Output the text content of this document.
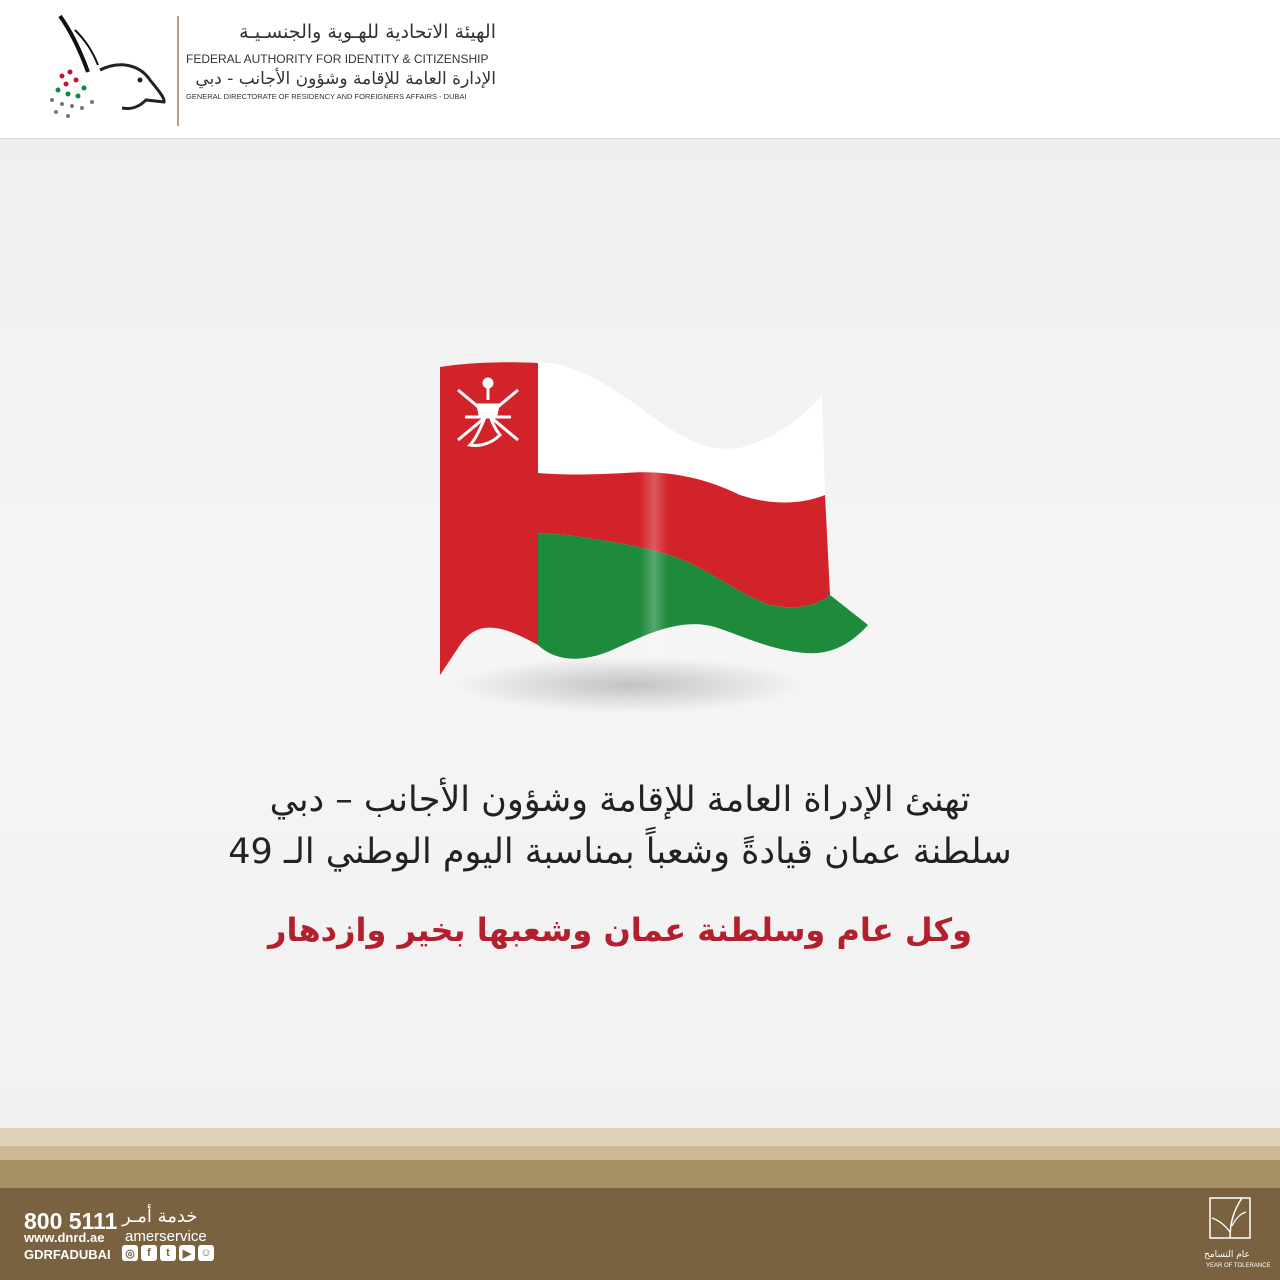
الهيئة الاتحادية للهـوية والجنسـيـة
FEDERAL AUTHORITY FOR IDENTITY & CITIZENSHIP
الإدارة العامة للإقامة وشؤون الأجانب - دبي
GENERAL DIRECTORATE OF RESIDENCY AND FOREIGNERS AFFAIRS - DUBAI
تهنئ الإدراة العامة للإقامة وشؤون الأجانب – دبي
سلطنة عمان قيادةً وشعباً بمناسبة اليوم الوطني الـ 49
وكل عام وسلطنة عمان وشعبها بخير وازدهار
800 5111 خدمة أمـر
www.dnrd.ae amerservice
GDRFADUBAI ◎	f	t	▶ ☺	عام التسامح
YEAR OF TOLERANCE
